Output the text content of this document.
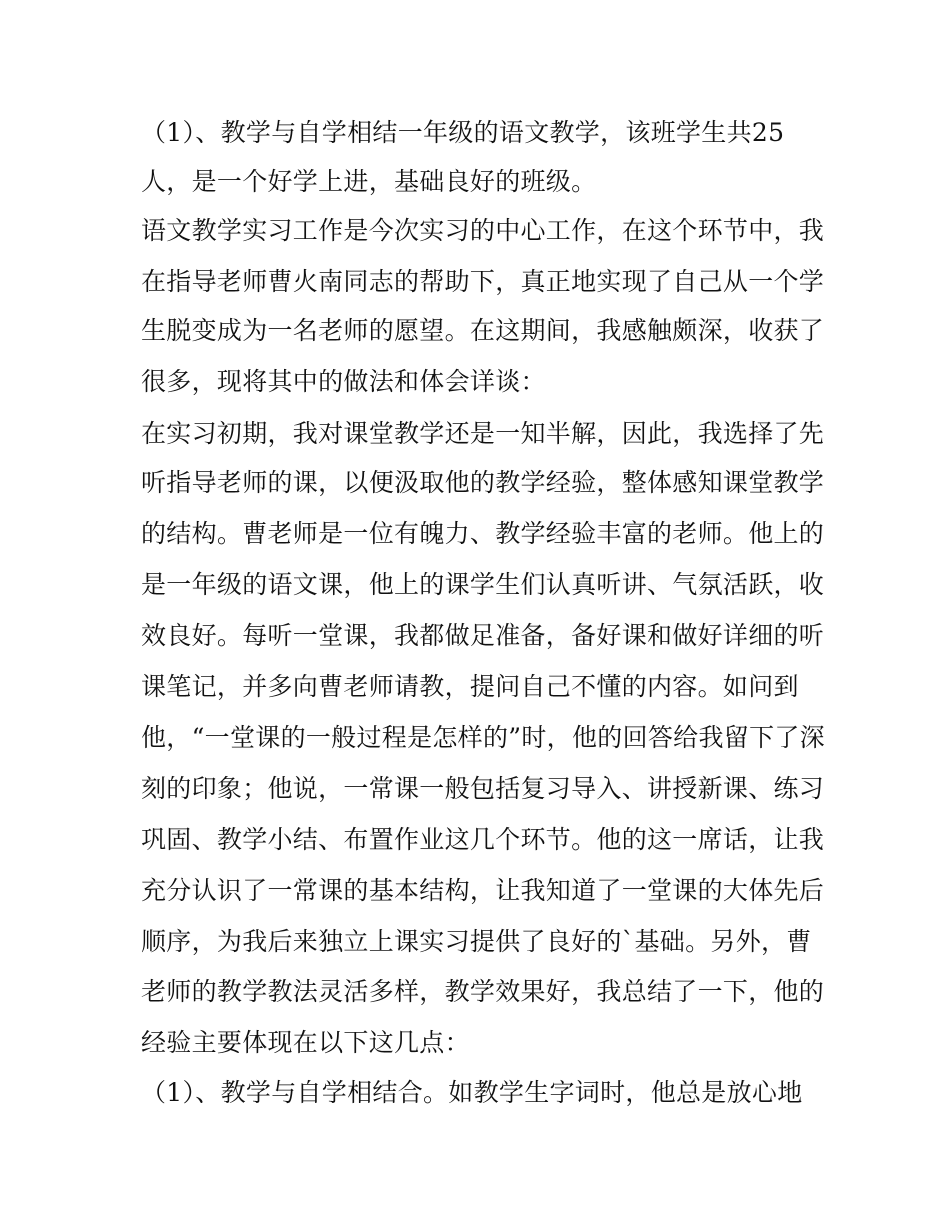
（1）、教学与自学相结一年级的语文教学，该班学生共25

人，是一个好学上进，基础良好的班级。

语文教学实习工作是今次实习的中心工作，在这个环节中，我

在指导老师曹火南同志的帮助下，真正地实现了自己从一个学

生脱变成为一名老师的愿望。在这期间，我感触颇深，收获了

很多，现将其中的做法和体会详谈：

在实习初期，我对课堂教学还是一知半解，因此，我选择了先

听指导老师的课，以便汲取他的教学经验，整体感知课堂教学

的结构。曹老师是一位有魄力、教学经验丰富的老师。他上的

是一年级的语文课，他上的课学生们认真听讲、气氛活跃，收

效良好。每听一堂课，我都做足准备，备好课和做好详细的听

课笔记，并多向曹老师请教，提问自己不懂的内容。如问到

他，“一堂课的一般过程是怎样的”时，他的回答给我留下了深

刻的印象；他说，一常课一般包括复习导入、讲授新课、练习

巩固、教学小结、布置作业这几个环节。他的这一席话，让我

充分认识了一常课的基本结构，让我知道了一堂课的大体先后

顺序，为我后来独立上课实习提供了良好的`基础。另外，曹

老师的教学教法灵活多样，教学效果好，我总结了一下，他的

经验主要体现在以下这几点：

（1）、教学与自学相结合。如教学生字词时，他总是放心地
